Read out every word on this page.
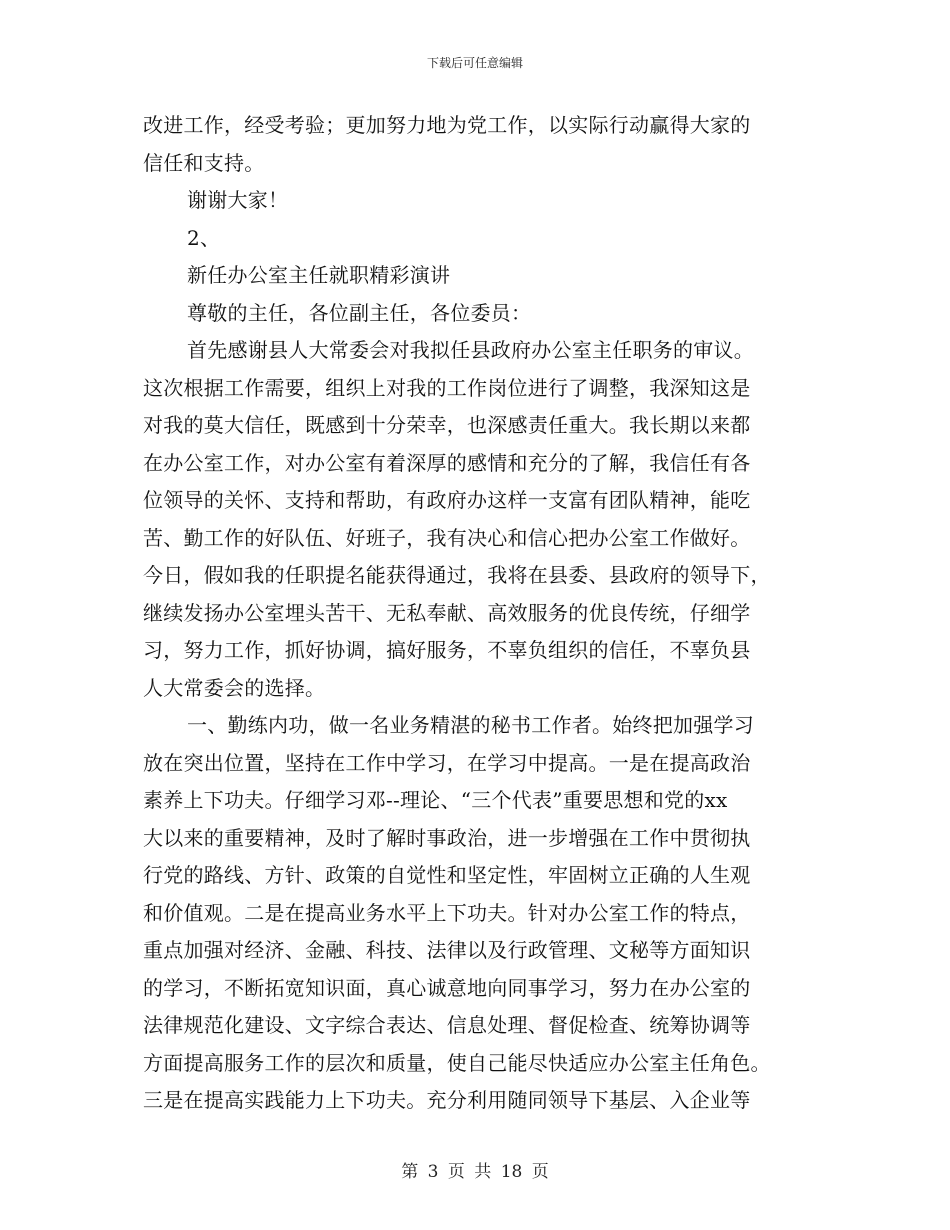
下载后可任意编辑
改进工作，经受考验；更加努力地为党工作，以实际行动赢得大家的
信任和支持。
谢谢大家！
2、
新任办公室主任就职精彩演讲
尊敬的主任，各位副主任，各位委员：
首先感谢县人大常委会对我拟任县政府办公室主任职务的审议。
这次根据工作需要，组织上对我的工作岗位进行了调整，我深知这是
对我的莫大信任，既感到十分荣幸，也深感责任重大。我长期以来都
在办公室工作，对办公室有着深厚的感情和充分的了解，我信任有各
位领导的关怀、支持和帮助，有政府办这样一支富有团队精神，能吃
苦、勤工作的好队伍、好班子，我有决心和信心把办公室工作做好。
今日，假如我的任职提名能获得通过，我将在县委、县政府的领导下，
继续发扬办公室埋头苦干、无私奉献、高效服务的优良传统，仔细学
习，努力工作，抓好协调，搞好服务，不辜负组织的信任，不辜负县
人大常委会的选择。
一、勤练内功，做一名业务精湛的秘书工作者。始终把加强学习
放在突出位置，坚持在工作中学习，在学习中提高。一是在提高政治
素养上下功夫。仔细学习邓--理论、“三个代表”重要思想和党的xx
大以来的重要精神，及时了解时事政治，进一步增强在工作中贯彻执
行党的路线、方针、政策的自觉性和坚定性，牢固树立正确的人生观
和价值观。二是在提高业务水平上下功夫。针对办公室工作的特点，
重点加强对经济、金融、科技、法律以及行政管理、文秘等方面知识
的学习，不断拓宽知识面，真心诚意地向同事学习，努力在办公室的
法律规范化建设、文字综合表达、信息处理、督促检查、统筹协调等
方面提高服务工作的层次和质量，使自己能尽快适应办公室主任角色。
三是在提高实践能力上下功夫。充分利用随同领导下基层、入企业等
第 3 页 共 18 页
